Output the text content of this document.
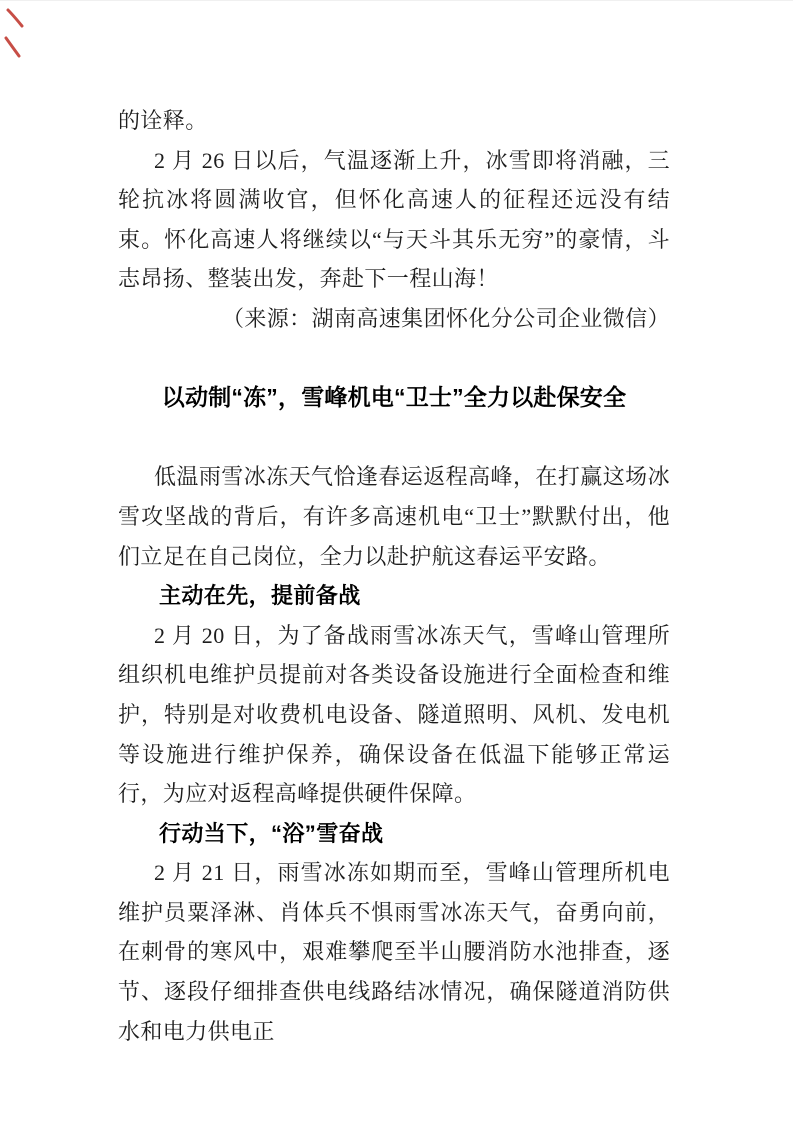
的诠释。

2 月 26 日以后，气温逐渐上升，冰雪即将消融，三轮抗冰将圆满收官，但怀化高速人的征程还远没有结束。怀化高速人将继续以“与天斗其乐无穷”的豪情，斗志昂扬、整装出发，奔赴下一程山海！

（来源：湖南高速集团怀化分公司企业微信）

以动制“冻”，雪峰机电“卫士”全力以赴保安全

低温雨雪冰冻天气恰逢春运返程高峰，在打赢这场冰雪攻坚战的背后，有许多高速机电“卫士”默默付出，他们立足在自己岗位，全力以赴护航这春运平安路。

主动在先，提前备战

2 月 20 日，为了备战雨雪冰冻天气，雪峰山管理所组织机电维护员提前对各类设备设施进行全面检查和维护，特别是对收费机电设备、隧道照明、风机、发电机等设施进行维护保养，确保设备在低温下能够正常运行，为应对返程高峰提供硬件保障。

行动当下，“浴”雪奋战

2 月 21 日，雨雪冰冻如期而至，雪峰山管理所机电维护员粟泽淋、肖体兵不惧雨雪冰冻天气，奋勇向前，在刺骨的寒风中，艰难攀爬至半山腰消防水池排查，逐节、逐段仔细排查供电线路结冰情况，确保隧道消防供水和电力供电正
